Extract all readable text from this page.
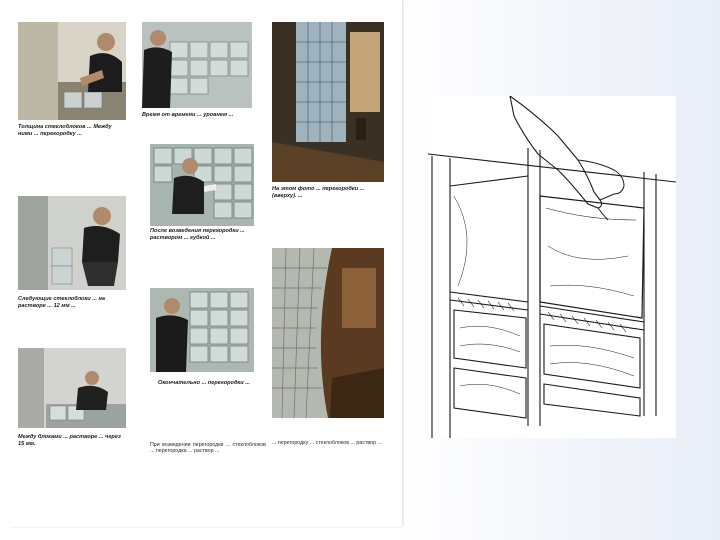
Толщина стеклоблоков ... Между ними ... перегородку ...

Следующие стеклоблоки ... на растворе ... 12 мм ...

Между блоками ... растворе ... через 15 мм.

Время от времени ... уровнем ...

После возведения перегородки ... раствором ... губкой ...

Окончательно ... перегородки ...

При возведении перегородки ... стеклоблоков ... перегородка ... раствор ...

На этом фото ... перегородки ... (вверху). ...

... перегородку ... стеклоблоков ... раствор ...
